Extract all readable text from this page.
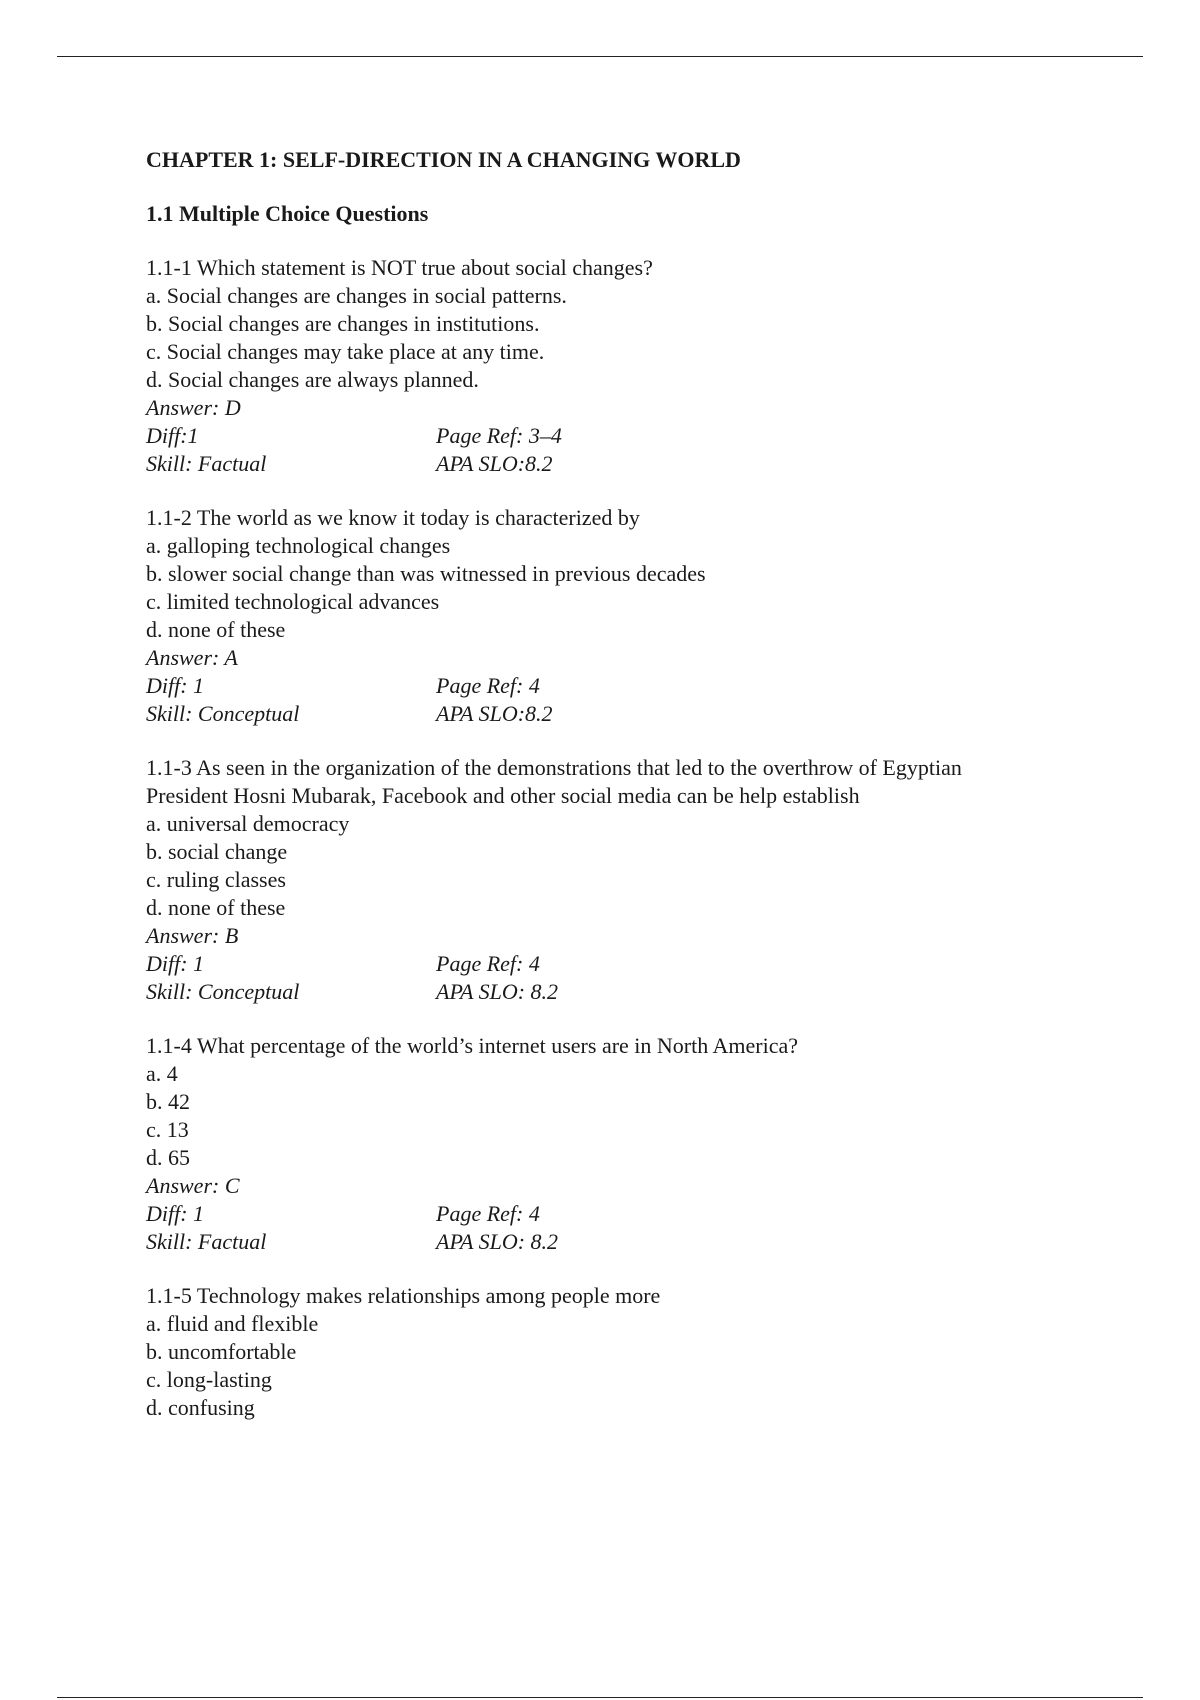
CHAPTER 1: SELF-DIRECTION IN A CHANGING WORLD
1.1 Multiple Choice Questions
1.1-1 Which statement is NOT true about social changes?
a. Social changes are changes in social patterns.
b. Social changes are changes in institutions.
c. Social changes may take place at any time.
d. Social changes are always planned.
Answer: D
Diff:1	Page Ref: 3–4
Skill: Factual	APA SLO:8.2
1.1-2 The world as we know it today is characterized by
a. galloping technological changes
b. slower social change than was witnessed in previous decades
c. limited technological advances
d. none of these
Answer: A
Diff: 1	Page Ref: 4
Skill: Conceptual	APA SLO:8.2
1.1-3 As seen in the organization of the demonstrations that led to the overthrow of Egyptian
President Hosni Mubarak, Facebook and other social media can be help establish
a. universal democracy
b. social change
c. ruling classes
d. none of these
Answer: B
Diff: 1	Page Ref: 4
Skill: Conceptual	APA SLO: 8.2
1.1-4 What percentage of the world’s internet users are in North America?
a. 4
b. 42
c. 13
d. 65
Answer: C
Diff: 1	Page Ref: 4
Skill: Factual	APA SLO: 8.2
1.1-5 Technology makes relationships among people more
a. fluid and flexible
b. uncomfortable
c. long-lasting
d. confusing
